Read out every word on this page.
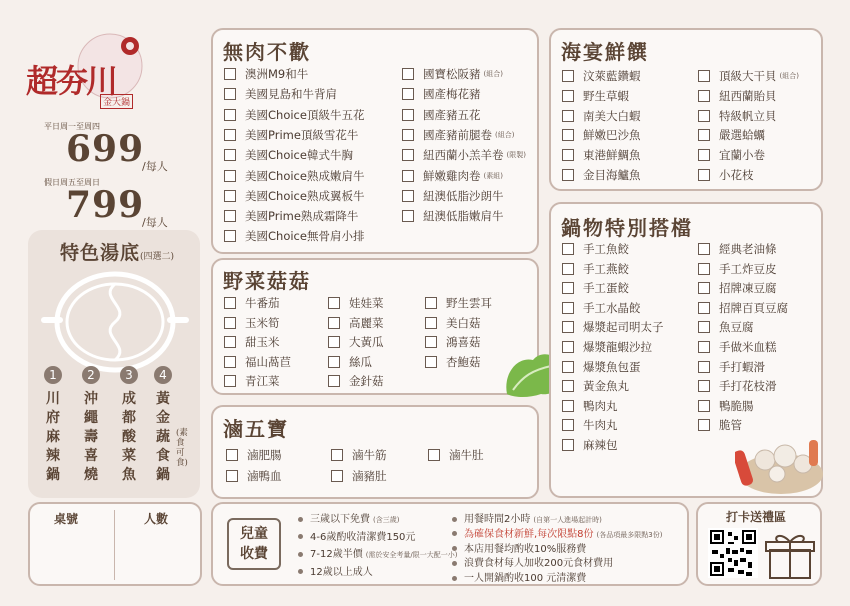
超夯川
金大鍋
平日周一至周四
699
/每人
假日周五至周日
799
/每人
特色湯底(四選二)
1
川府麻辣鍋
2
沖繩壽喜燒
3
成都酸菜魚
4
黃金蔬食鍋
(素食可食)
桌號	人數
無肉不歡
澳洲M9和牛
美國見島和牛背肩
美國Choice頂級牛五花
美國Prime頂級雪花牛
美國Choice韓式牛胸
美國Choice熟成嫩肩牛
美國Choice熟成翼板牛
美國Prime熟成霜降牛
美國Choice無骨肩小排
國寶松阪豬 (組合)
國產梅花豬
國產豬五花
國產豬前腿卷 (組合)
紐西蘭小羔羊卷 (限製)
鮮嫩雞肉卷 (素組)
紐澳低脂沙朗牛
紐澳低脂嫩肩牛
野菜菇菇
牛番茄
玉米筍
甜玉米
福山萵苣
青江菜
娃娃菜
高麗菜
大黃瓜
絲瓜
金針菇
野生雲耳
美白菇
鴻喜菇
杏鮑菇
滷五寶
滷肥腸
滷鴨血
滷牛筋
滷豬肚
滷牛肚
海宴鮮饌
汶萊藍鑽蝦
野生草蝦
南美大白蝦
鮮嫩巴沙魚
東港鮮鯛魚
金目海鱸魚
頂級大干貝 (組合)
紐西蘭貽貝
特級帆立貝
嚴選蛤蠣
宜蘭小卷
小花枝
鍋物特別搭檔
手工魚餃
手工燕餃
手工蛋餃
手工水晶餃
爆漿起司明太子
爆漿龍蝦沙拉
爆漿魚包蛋
黃金魚丸
鴨肉丸
牛肉丸
麻辣包
經典老油條
手工炸豆皮
招牌凍豆腐
招牌百頁豆腐
魚豆腐
手做米血糕
手打蝦滑
手打花枝滑
鴨脆腸
脆管
兒童收費
三歲以下免費 (含三歲)
4-6歲酌收清潔費150元
7-12歲半價 (需於安全考量/限一大配一小)
12歲以上成人
用餐時間2小時 (自第一人進場起計時)
為確保食材新鮮,每次限點8份 (各品項最多限點3份)
本店用餐均酌收10%服務費
浪費食材每人加收200元食材費用
一人開鍋酌收100 元清潔費
打卡送禮區
